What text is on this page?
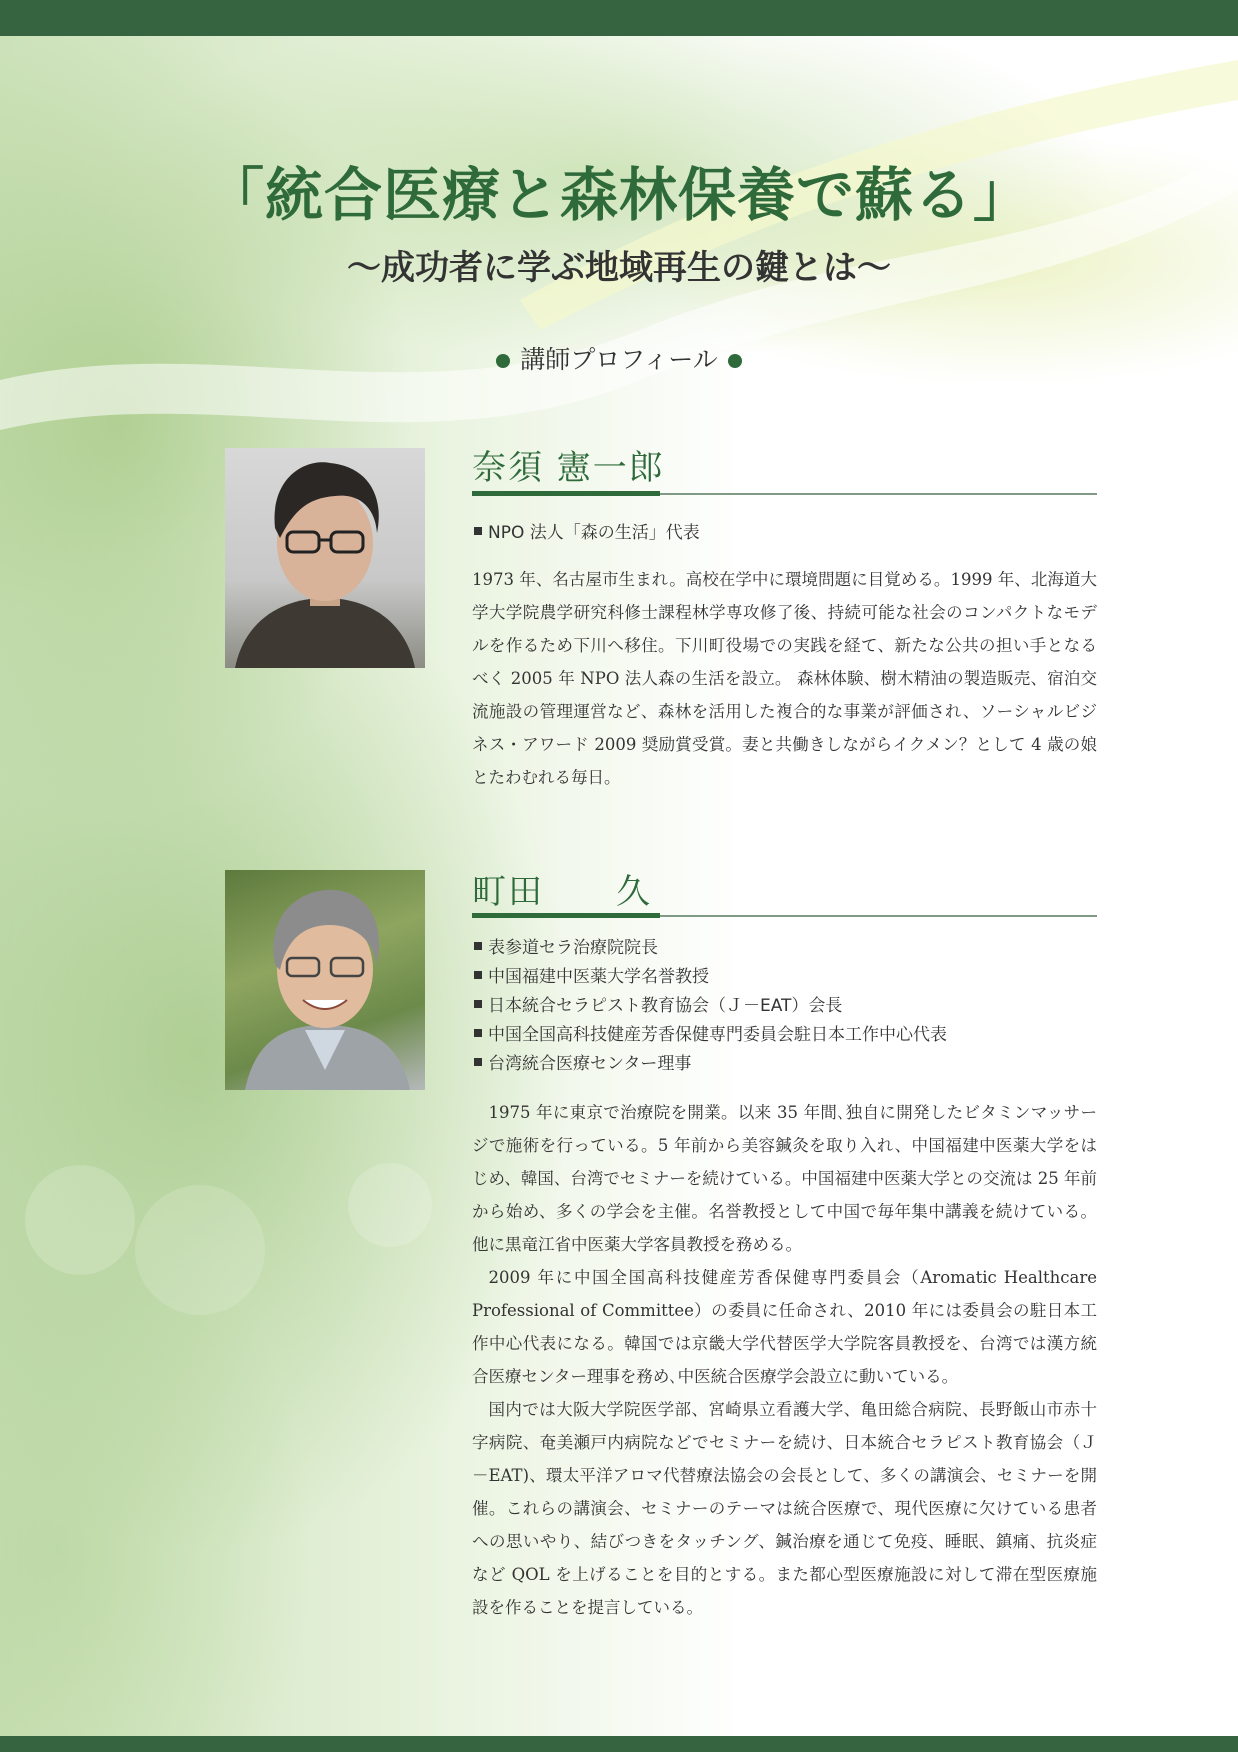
「統合医療と森林保養で蘇る」
〜成功者に学ぶ地域再生の鍵とは〜
講師プロフィール
奈須 憲一郎
NPO 法人「森の生活」代表

1973 年、名古屋市生まれ。高校在学中に環境問題に目覚める。1999 年、北海道大学大学院農学研究科修士課程林学専攻修了後、持続可能な社会のコンパクトなモデルを作るため下川へ移住。下川町役場での実践を経て、新たな公共の担い手となるべく 2005 年 NPO 法人森の生活を設立。 森林体験、樹木精油の製造販売、宿泊交流施設の管理運営など、森林を活用した複合的な事業が評価され、ソーシャルビジネス・アワード 2009 奨励賞受賞。妻と共働きしながらイクメン？として 4 歳の娘とたわむれる毎日。

町田　　久
表参道セラ治療院院長
中国福建中医薬大学名誉教授
日本統合セラピスト教育協会（Ｊ－EAT）会長
中国全国高科技健産芳香保健専門委員会駐日本工作中心代表
台湾統合医療センター理事

1975 年に東京で治療院を開業。以来 35 年間､独自に開発したビタミンマッサージで施術を行っている。5 年前から美容鍼灸を取り入れ、中国福建中医薬大学をはじめ、韓国、台湾でセミナーを続けている。中国福建中医薬大学との交流は 25 年前から始め、多くの学会を主催。名誉教授として中国で毎年集中講義を続けている。他に黒竜江省中医薬大学客員教授を務める。

2009 年に中国全国高科技健産芳香保健専門委員会（Aromatic Healthcare Professional of Committee）の委員に任命され、2010 年には委員会の駐日本工作中心代表になる。韓国では京畿大学代替医学大学院客員教授を、台湾では漢方統合医療センター理事を務め､中医統合医療学会設立に動いている。

国内では大阪大学院医学部、宮崎県立看護大学、亀田総合病院、長野飯山市赤十字病院、奄美瀬戸内病院などでセミナーを続け、日本統合セラピスト教育協会（Ｊ－EAT)、環太平洋アロマ代替療法協会の会長として、多くの講演会、セミナーを開催。これらの講演会、セミナーのテーマは統合医療で、現代医療に欠けている患者への思いやり、結びつきをタッチング、鍼治療を通じて免疫、睡眠、鎮痛、抗炎症など QOL を上げることを目的とする。また都心型医療施設に対して滞在型医療施設を作ることを提言している。
